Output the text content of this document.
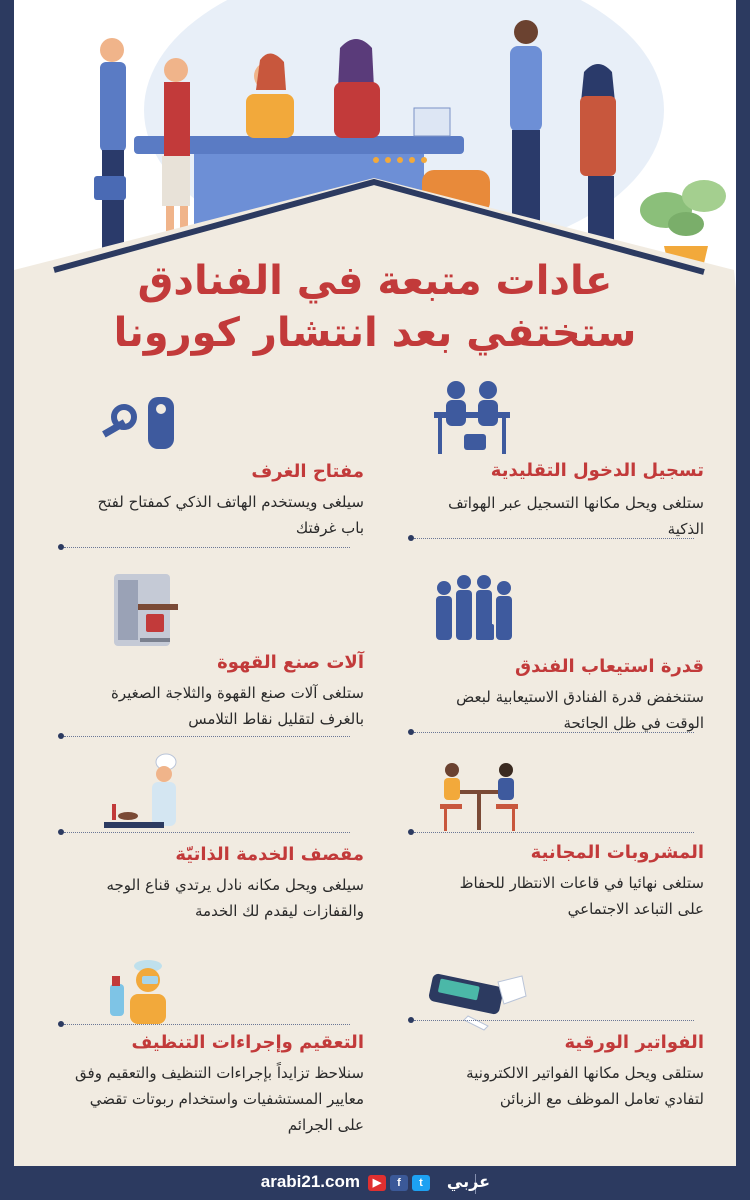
عادات متبعة في الفنادق
ستختفي بعد انتشار كورونا
تسجيل الدخول التقليدية
ستلغى ويحل مكانها التسجيل عبر الهواتف الذكية
مفتاح الغرف
سيلغى ويستخدم الهاتف الذكي كمفتاح لفتح باب غرفتك
قدرة استيعاب الفندق
ستنخفض قدرة الفنادق الاستيعابية لبعض الوقت في ظل الجائحة
آلات صنع القهوة
ستلغى آلات صنع القهوة والثلاجة الصغيرة بالغرف لتقليل نقاط التلامس
المشروبات المجانية
ستلغى نهائيا في قاعات الانتظار للحفاظ على التباعد الاجتماعي
مقصف الخدمة الذاتيّة
سيلغى ويحل مكانه نادل يرتدي قناع الوجه والقفازات ليقدم لك الخدمة
الفواتير الورقية
ستلقى ويحل مكانها الفواتير الالكترونية لتفادي تعامل الموظف مع الزبائن
التعقيم وإجراءات التنظيف
سنلاحظ تزايداً بإجراءات التنظيف والتعقيم وفق معايير المستشفيات واستخدام ربوتات تقضي على الجرائم
arabi21.com	▶	f	t	عربي
